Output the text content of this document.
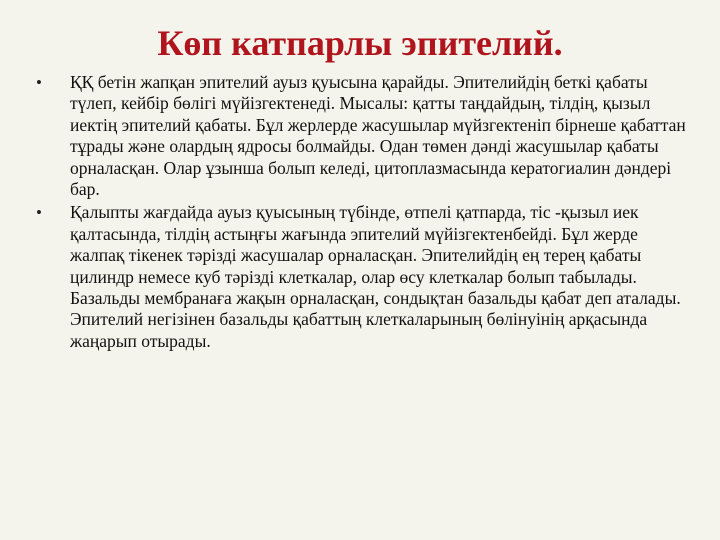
Көп катпарлы эпителий.
•	ҚҚ бетін жапқан эпителий ауыз қуысына қарайды. Эпителийдің беткі қабаты түлеп, кейбір бөлігі мүйізгектенеді. Мысалы: қатты таңдайдың, тілдің, қызыл иектің эпителий қабаты. Бұл жерлерде жасушылар мүйзгектеніп бірнеше қабаттан тұрады және олардың ядросы болмайды. Одан төмен дәнді жасушылар қабаты орналасқан. Олар ұзынша болып келеді, цитоплазмасында кератогиалин дәндері бар.
•	Қалыпты жағдайда ауыз қуысының түбінде, өтпелі қатпарда, тіс -қызыл иек қалтасында, тілдің астыңғы жағында эпителий мүйізгектенбейді. Бұл жерде жалпақ тікенек тәрізді жасушалар орналасқан. Эпителийдің ең терең қабаты цилиндр немесе куб тәрізді клеткалар, олар өсу клеткалар болып табылады. Базальды мембранаға жақын орналасқан, сондықтан базальды қабат деп аталады. Эпителий негізінен базальды қабаттың клеткаларының бөлінуінің арқасында жаңарып отырады.
